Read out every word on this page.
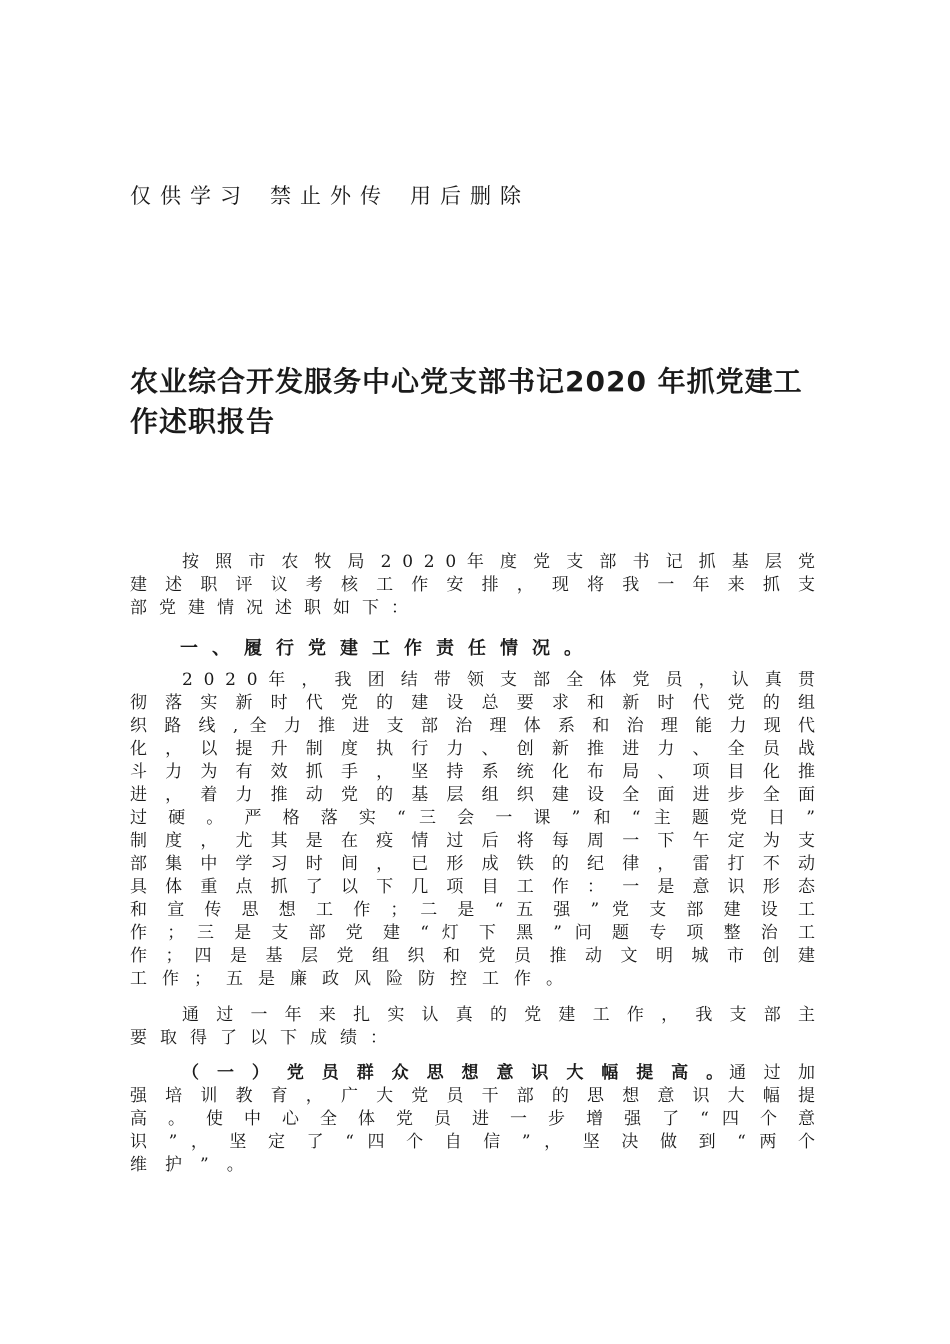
仅供学习 禁止外传 用后删除
农业综合开发服务中心党支部书记2020 年抓党建工作述职报告
按 照 市 农 牧 局 2 0 2 0 年 度 党 支 部 书 记 抓 基 层 党
建 述 职 评 议 考 核 工 作 安 排 ， 现 将 我 一 年 来 抓 支
部党建情况述职如下：
一、履行党建工作责任情况。
2 0 2 0 年 ， 我 团 结 带 领 支 部 全 体 党 员 ， 认 真 贯
彻 落 实 新 时 代 党 的 建 设 总 要 求 和 新 时 代 党 的 组
织 路 线 , 全 力 推 进 支 部 治 理 体 系 和 治 理 能 力 现 代
化 ， 以 提 升 制 度 执 行 力 、 创 新 推 进 力 、 全 员 战
斗 力 为 有 效 抓 手 ， 坚 持 系 统 化 布 局 、 项 目 化 推
进 ， 着 力 推 动 党 的 基 层 组 织 建 设 全 面 进 步 全 面
过 硬 。 严 格 落 实 “ 三 会 一 课 ” 和 “ 主 题 党 日 ”
制 度 ， 尤 其 是 在 疫 情 过 后 将 每 周 一 下 午 定 为 支
部 集 中 学 习 时 间 ， 已 形 成 铁 的 纪 律 ， 雷 打 不 动
具 体 重 点 抓 了 以 下 几 项 目 工 作 ： 一 是 意 识 形 态
和 宣 传 思 想 工 作 ； 二 是 “ 五 强 ” 党 支 部 建 设 工
作 ； 三 是 支 部 党 建 “ 灯 下 黑 ” 问 题 专 项 整 治 工
作 ； 四 是 基 层 党 组 织 和 党 员 推 动 文 明 城 市 创 建
工作；五是廉政风险防控工作。
通 过 一 年 来 扎 实 认 真 的 党 建 工 作 ， 我 支 部 主
要取得了以下成绩：
（ 一 ） 党 员 群 众 思 想 意 识 大 幅 提 高 。通 过 加
强 培 训 教 育 ， 广 大 党 员 干 部 的 思 想 意 识 大 幅 提
高 。 使 中 心 全 体 党 员 进 一 步 增 强 了 “ 四 个 意
识 ” ， 坚 定 了 “ 四 个 自 信 ” ， 坚 决 做 到 “ 两 个
维护”。
